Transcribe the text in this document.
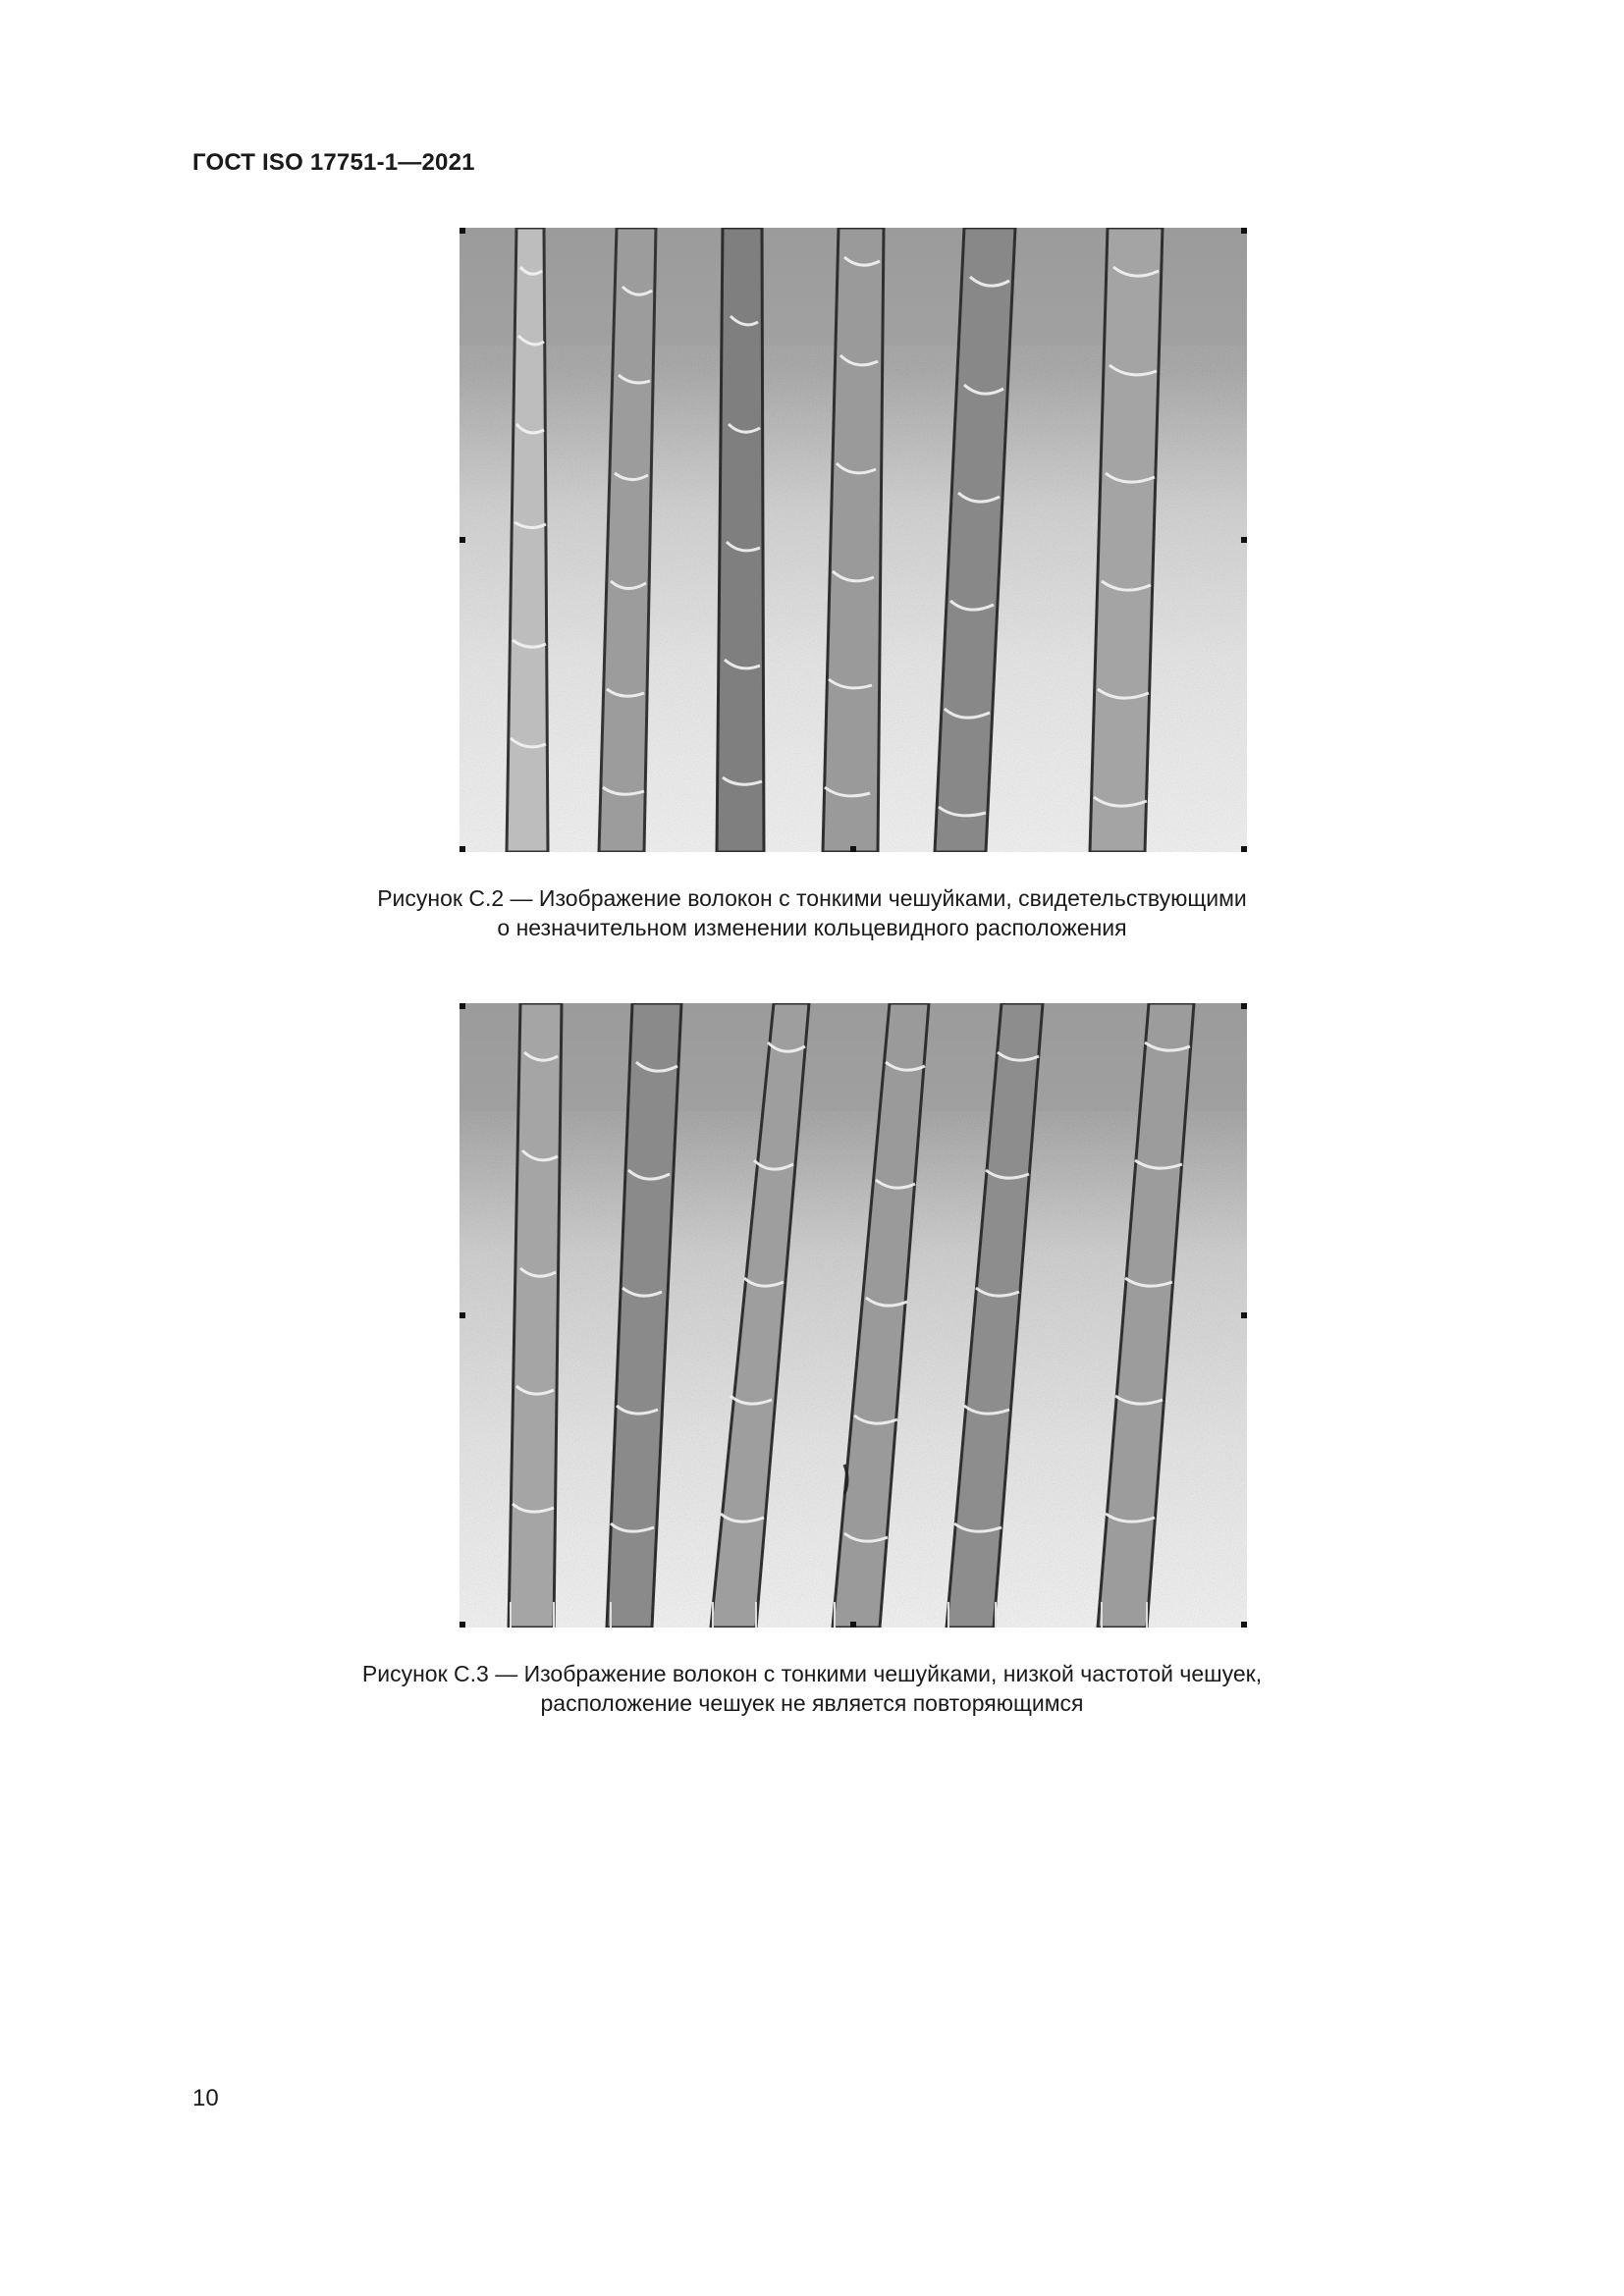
ГОСТ ISO 17751-1—2021

Рисунок С.2 — Изображение волокон с тонкими чешуйками, свидетельствующими
о незначительном изменении кольцевидного расположения

Рисунок С.3 — Изображение волокон с тонкими чешуйками, низкой частотой чешуек,
расположение чешуек не является повторяющимся

10
